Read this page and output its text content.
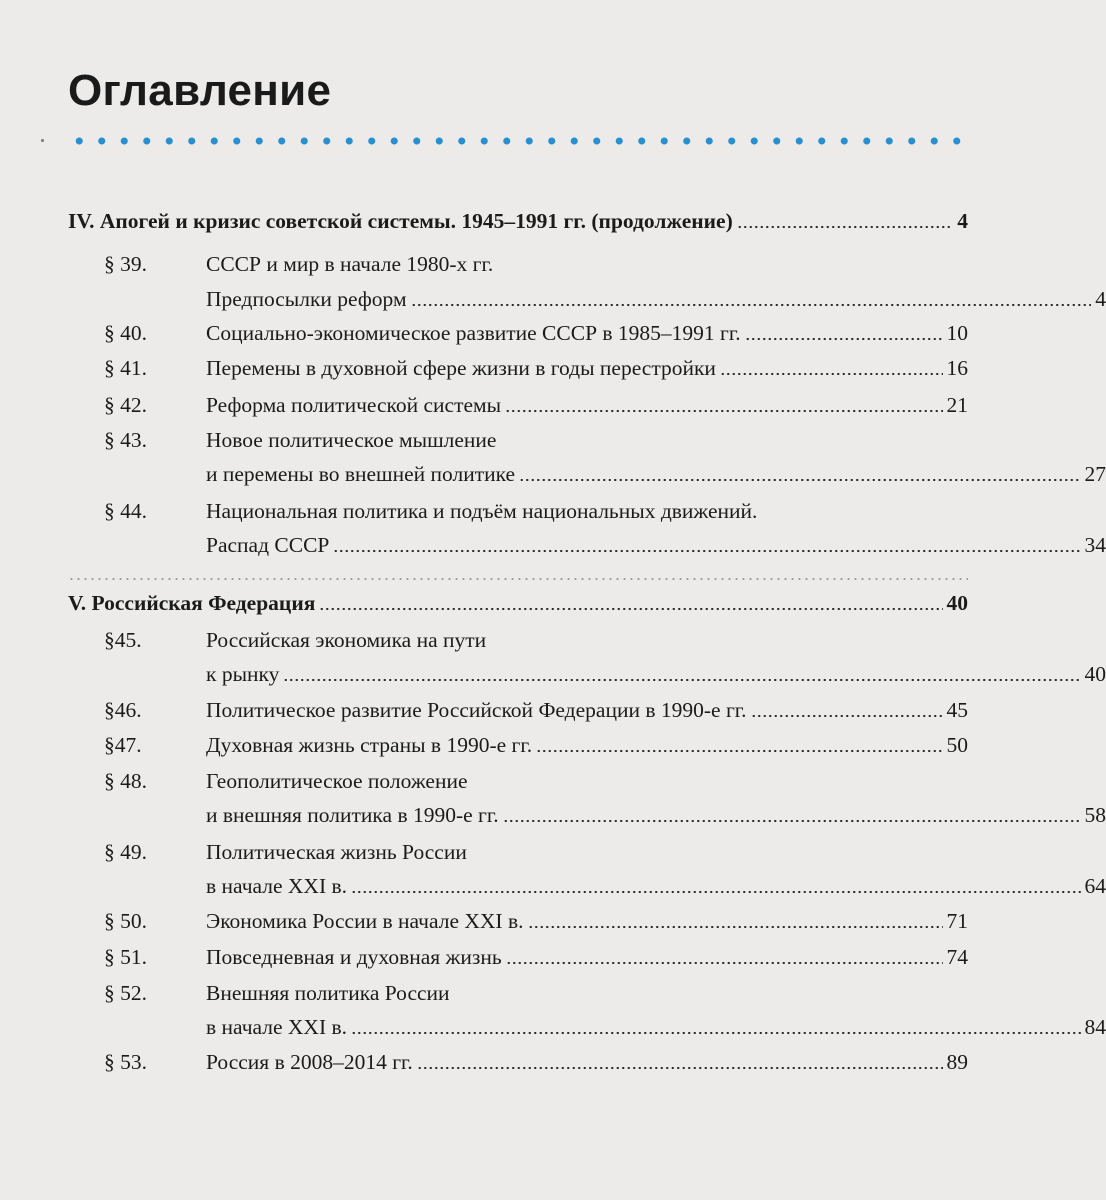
Оглавление
IV. Апогей и кризис советской системы. 1945–1991 гг. (продолжение)	4
§ 39.	СССР и мир в начале 1980-х гг.
Предпосылки реформ	4
§ 40.	Социально-экономическое развитие СССР в 1985–1991 гг.	10
§ 41.	Перемены в духовной сфере жизни в годы перестройки	16
§ 42.	Реформа политической системы	21
§ 43.	Новое политическое мышление
и перемены во внешней политике	27
§ 44.	Национальная политика и подъём национальных движений.
Распад СССР	34
V. Российская Федерация	40
§45.	Российская экономика на пути
к рынку	40
§46.	Политическое развитие Российской Федерации в 1990-е гг.	45
§47.	Духовная жизнь страны в 1990-е гг.	50
§ 48.	Геополитическое положение
и внешняя политика в 1990-е гг.	58
§ 49.	Политическая жизнь России
в начале XXI в.	64
§ 50.	Экономика России в начале XXI в.	71
§ 51.	Повседневная и духовная жизнь	74
§ 52.	Внешняя политика России
в начале XXI в.	84
§ 53.	Россия в 2008–2014 гг.	89
